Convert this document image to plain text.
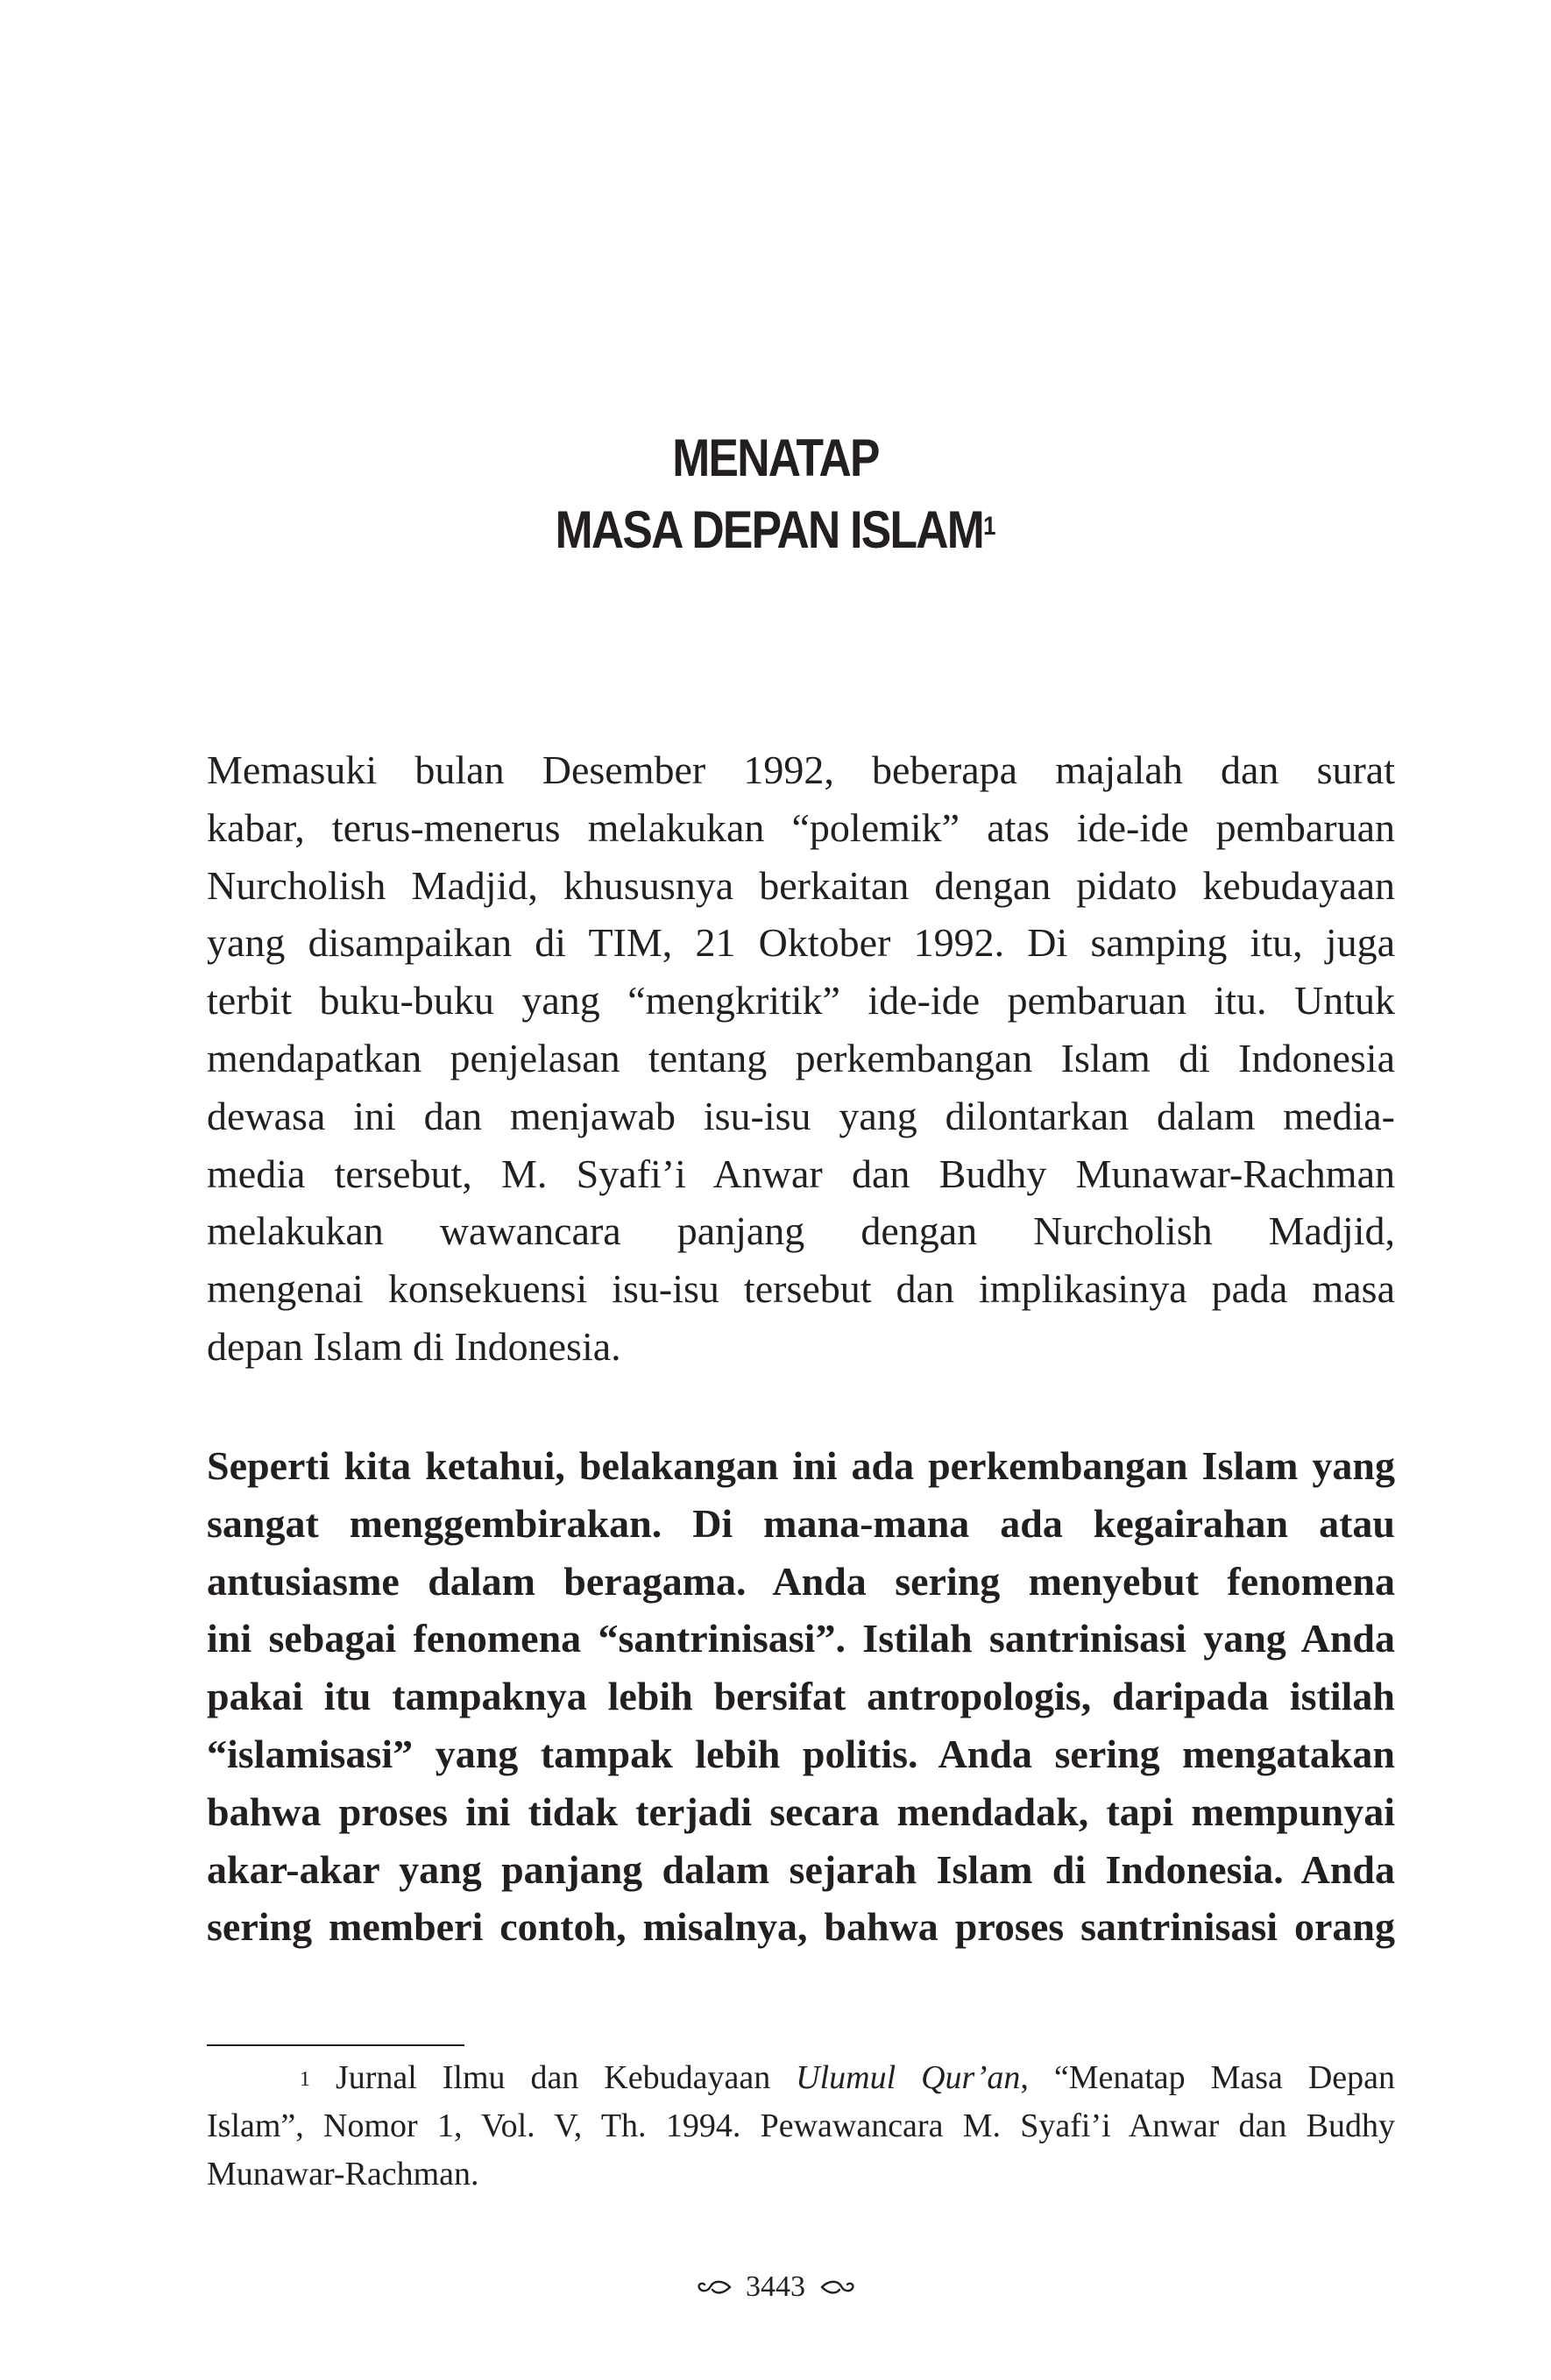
MENATAP
MASA DEPAN ISLAM$^1$
Memasuki bulan Desember 1992, beberapa majalah dan surat
kabar, terus-menerus melakukan “polemik” atas ide-ide pembaruan
Nurcholish Madjid, khususnya berkaitan dengan pidato kebudayaan
yang disampaikan di TIM, 21 Oktober 1992. Di samping itu, juga
terbit buku-buku yang “mengkritik” ide-ide pembaruan itu. Untuk
mendapatkan penjelasan tentang perkembangan Islam di Indonesia
dewasa ini dan menjawab isu-isu yang dilontarkan dalam media-
media tersebut, M. Syafi’i Anwar dan Budhy Munawar-Rachman
melakukan wawancara panjang dengan Nurcholish Madjid,
mengenai konsekuensi isu-isu tersebut dan implikasinya pada masa
depan Islam di Indonesia.
Seperti kita ketahui, belakangan ini ada perkembangan Islam yang
sangat menggembirakan. Di mana-mana ada kegairahan atau
antusiasme dalam beragama. Anda sering menyebut fenomena
ini sebagai fenomena “santrinisasi”. Istilah santrinisasi yang Anda
pakai itu tampaknya lebih bersifat antropologis, daripada istilah
“islamisasi” yang tampak lebih politis. Anda sering mengatakan
bahwa proses ini tidak terjadi secara mendadak, tapi mempunyai
akar-akar yang panjang dalam sejarah Islam di Indonesia. Anda
sering memberi contoh, misalnya, bahwa proses santrinisasi orang
$^1$ Jurnal Ilmu dan Kebudayaan Ulumul Qur’an, “Menatap Masa Depan
Islam”, Nomor 1, Vol. V, Th. 1994. Pewawancara M. Syafi’i Anwar dan Budhy
Munawar-Rachman.
3443
